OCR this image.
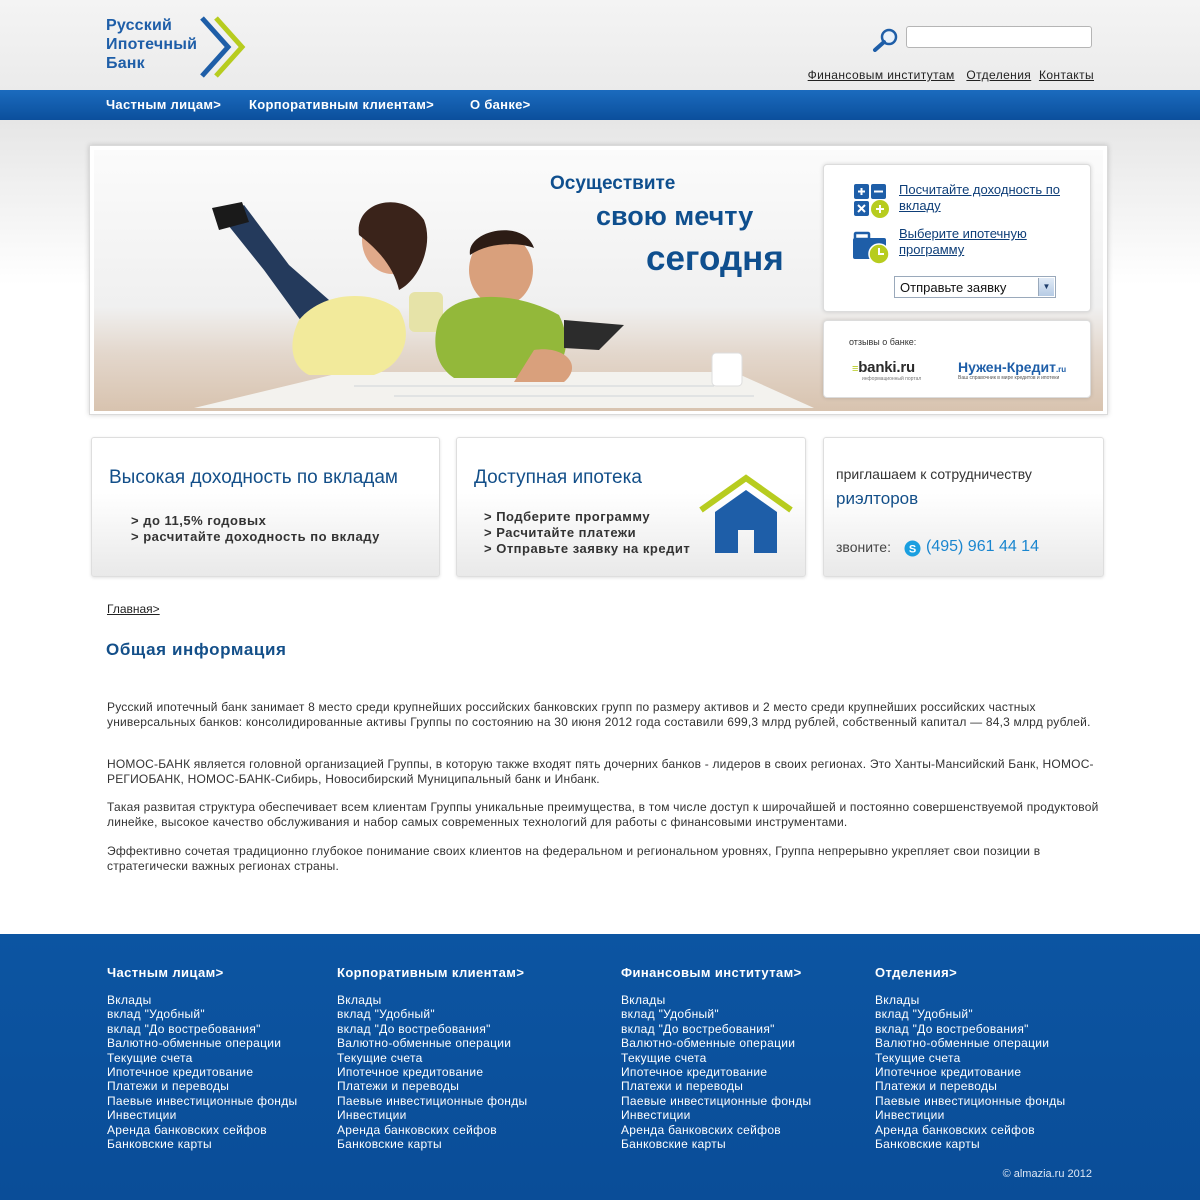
Русский
Ипотечный
Банк
Финансовым институтам Отделения Контакты
Частным лицам> Корпоративным клиентам>	О банке>
Осуществите
свою мечту
сегодня
Посчитайте доходность по вкладу
Выберите ипотечную программу
Отправьте заявку	▼
отзывы о банке:
≡banki.ru
информационный портал
Нужен-Кредит.ru
Ваш справочник в мире кредитов и ипотеки
Высокая доходность по вкладам
> до 11,5% годовых
> расчитайте доходность по вкладу
Доступная ипотека
> Подберите программу
> Расчитайте платежи
> Отправьте заявку на кредит
приглашаем к сотрудничеству
риэлторов
звоните: S (495) 961 44 14
Главная>
Общая информация
Русский ипотечный банк занимает 8 место среди крупнейших российских банковских групп по размеру активов и 2 место среди крупнейших российских частных универсальных банков: консолидированные активы Группы по состоянию на 30 июня 2012 года составили 699,3 млрд рублей, собственный капитал — 84,3 млрд рублей.
НОМОС-БАНК является головной организацией Группы, в которую также входят пять дочерних банков - лидеров в своих регионах. Это Ханты-Мансийский Банк, НОМОС-РЕГИОБАНК, НОМОС-БАНК-Сибирь, Новосибирский Муниципальный банк и Инбанк.
Такая развитая структура обеспечивает всем клиентам Группы уникальные преимущества, в том числе доступ к широчайшей и постоянно совершенствуемой продуктовой линейке, высокое качество обслуживания и набор самых современных технологий для работы с финансовыми инструментами.
Эффективно сочетая традиционно глубокое понимание своих клиентов на федеральном и региональном уровнях, Группа непрерывно укрепляет свои позиции в стратегически важных регионах страны.
Частным лицам>
Вклады
вклад "Удобный"
вклад "До востребования"
Валютно-обменные операции
Текущие счета
Ипотечное кредитование
Платежи и переводы
Паевые инвестиционные фонды
Инвестиции
Аренда банковских сейфов
Банковские карты
Корпоративным клиентам>
Вклады
вклад "Удобный"
вклад "До востребования"
Валютно-обменные операции
Текущие счета
Ипотечное кредитование
Платежи и переводы
Паевые инвестиционные фонды
Инвестиции
Аренда банковских сейфов
Банковские карты
Финансовым институтам>
Вклады
вклад "Удобный"
вклад "До востребования"
Валютно-обменные операции
Текущие счета
Ипотечное кредитование
Платежи и переводы
Паевые инвестиционные фонды
Инвестиции
Аренда банковских сейфов
Банковские карты
Отделения>
Вклады
вклад "Удобный"
вклад "До востребования"
Валютно-обменные операции
Текущие счета
Ипотечное кредитование
Платежи и переводы
Паевые инвестиционные фонды
Инвестиции
Аренда банковских сейфов
Банковские карты
© almazia.ru 2012
